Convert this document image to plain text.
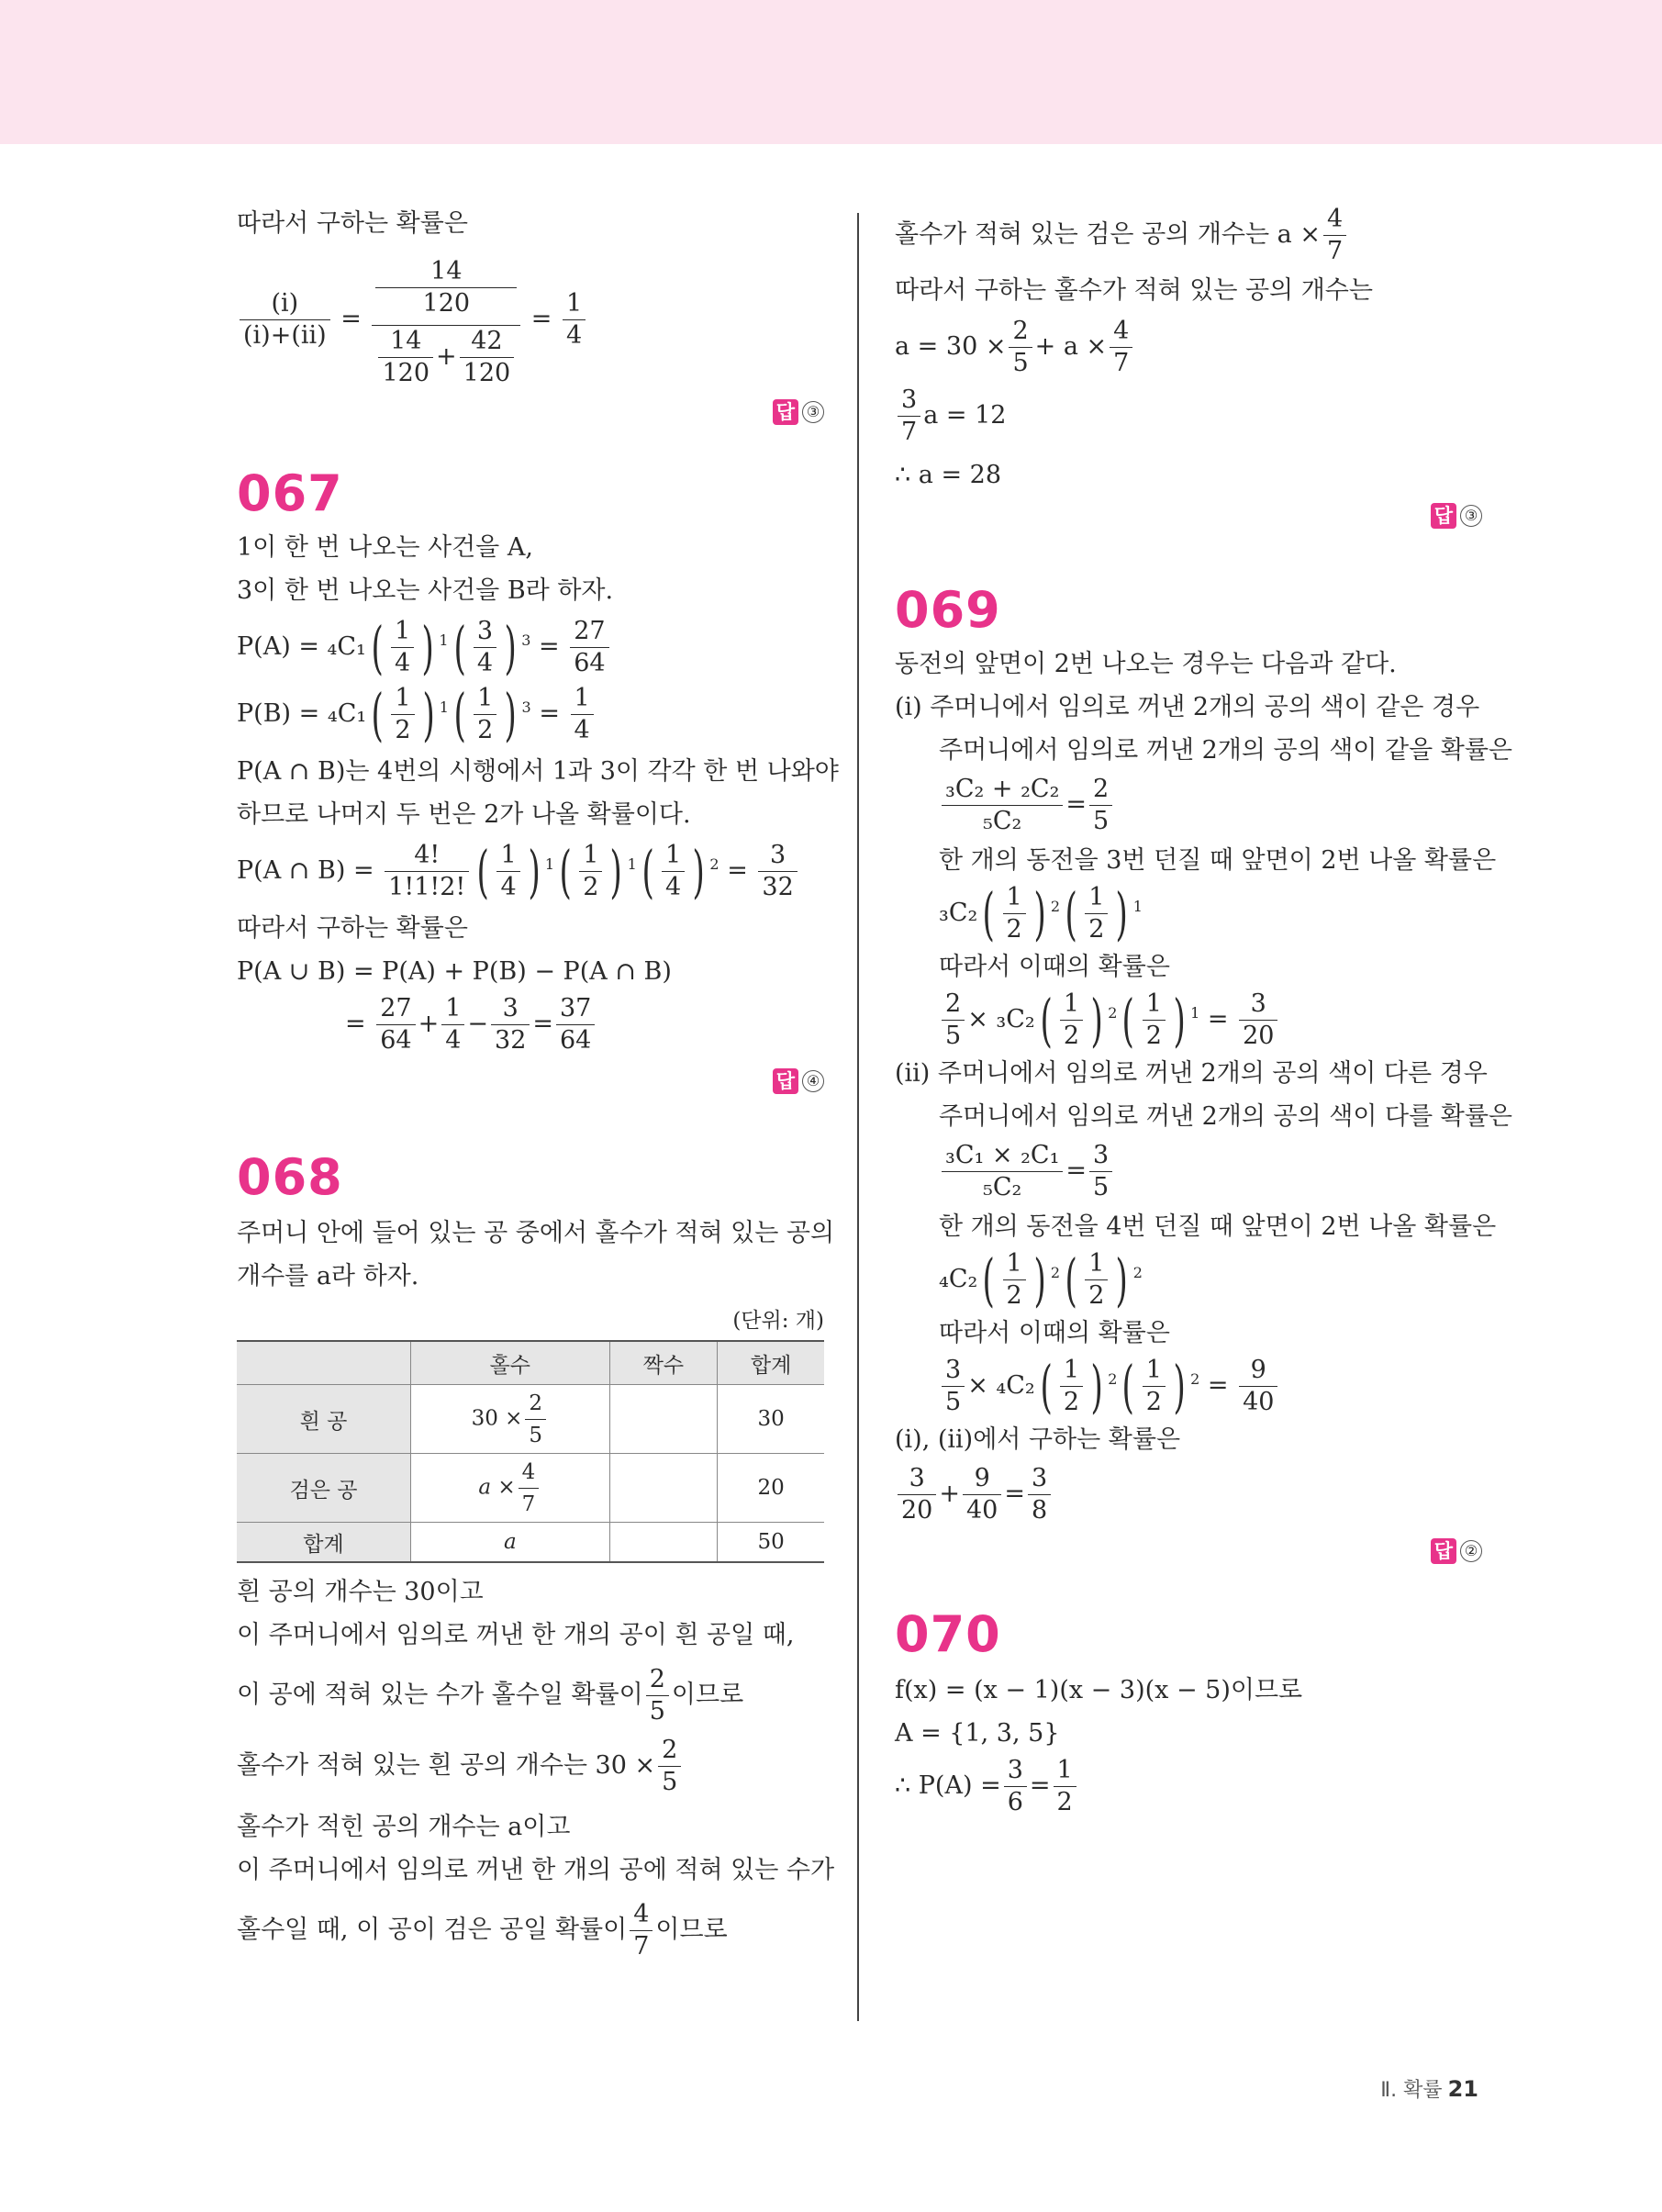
따라서 구하는 확률은
$\frac{\text{(ⅰ)}}{\text{(ⅰ)+(ⅱ)}} = 14$
120
$\frac{14}{120} + \frac{42}{120} = \frac{1}{4}$
답 ③
067
1이 한 번 나오는 사건을 A,
3이 한 번 나오는 사건을 B라 하자.
$P(A) = _4C_1( \frac{1}{4}$ ) $^1( \frac{3}{4}$ ) $^3 = \frac{27}{64}$
$P(B) = _4C_1( \frac{1}{2}$ ) $^1( \frac{1}{2}$ ) $^3 = \frac{1}{4}$
P(A ∩ B)는 4번의 시행에서 1과 3이 각각 한 번 나와야
하므로 나머지 두 번은 2가 나올 확률이다.
P(A ∩ $B) = \frac{4!}{1!1!2!}$ ( $\frac{1}{4}$ ) $^1( \frac{1}{2}$ ) $^1( \frac{1}{4}$ ) $^2 = \frac{3}{32}$
따라서 구하는 확률은
P(A ∪ B) = P(A) + P(B) − P(A ∩ B)
= $\frac{27}{64} + \frac{1}{4} - \frac{3}{32} = \frac{37}{64}$
답 ④
068
주머니 안에 들어 있는 공 중에서 홀수가 적혀 있는 공의
개수를 a라 하자.
(단위: 개)
	홀수	짝수	합계
흰 공	$30 \times \frac{2}{5}$		30
검은 공	$a \times \frac{4}{7}$		20
합계	a		50
흰 공의 개수는 30이고
이 주머니에서 임의로 꺼낸 한 개의 공이 흰 공일 때,
이 공에 적혀 있는 수가 홀수일 확률이 $\frac{2}{5}$ 이므로
홀수가 적혀 있는 흰 공의 개수는 $30 \times \frac{2}{5}$
홀수가 적힌 공의 개수는 a이고
이 주머니에서 임의로 꺼낸 한 개의 공에 적혀 있는 수가
홀수일 때, 이 공이 검은 공일 확률이 $\frac{4}{7}$ 이므로
홀수가 적혀 있는 검은 공의 개수는 $a \times \frac{4}{7}$
따라서 구하는 홀수가 적혀 있는 공의 개수는
$a = 30 \times \frac{2}{5} + a \times \frac{4}{7}$
$\frac{3}{7}$ a = 12
∴ a = 28
답 ③
069
동전의 앞면이 2번 나오는 경우는 다음과 같다.
(ⅰ) 주머니에서 임의로 꺼낸 2개의 공의 색이 같은 경우
주머니에서 임의로 꺼낸 2개의 공의 색이 같을 확률은
$\frac{\text{₃C₂ + ₂C₂}}{\text{₅C₂}} = \frac{2}{5}$
한 개의 동전을 3번 던질 때 앞면이 2번 나올 확률은
$_3C_2( \frac{1}{2}$ ) $^2( \frac{1}{2}$ ) $^1$
따라서 이때의 확률은
$\frac{2}{5} \times _3C_2( \frac{1}{2}$ ) $^2( \frac{1}{2}$ ) $^1 = \frac{3}{20}$
(ⅱ) 주머니에서 임의로 꺼낸 2개의 공의 색이 다른 경우
주머니에서 임의로 꺼낸 2개의 공의 색이 다를 확률은
$\frac{\text{₃C₁ × ₂C₁}}{\text{₅C₂}} = \frac{3}{5}$
한 개의 동전을 4번 던질 때 앞면이 2번 나올 확률은
$_4C_2( \frac{1}{2}$ ) $^2( \frac{1}{2}$ ) $^2$
따라서 이때의 확률은
$\frac{3}{5} \times _4C_2( \frac{1}{2}$ ) $^2( \frac{1}{2}$ ) $^2 = \frac{9}{40}$
(ⅰ), (ⅱ)에서 구하는 확률은
$\frac{3}{20} + \frac{9}{40} = \frac{3}{8}$
답 ②
070
f(x) = (x − 1)(x − 3)(x − 5)이므로
A = {1, 3, 5}
∴ $P(A) = \frac{3}{6} = \frac{1}{2}$
Ⅱ. 확률 21
